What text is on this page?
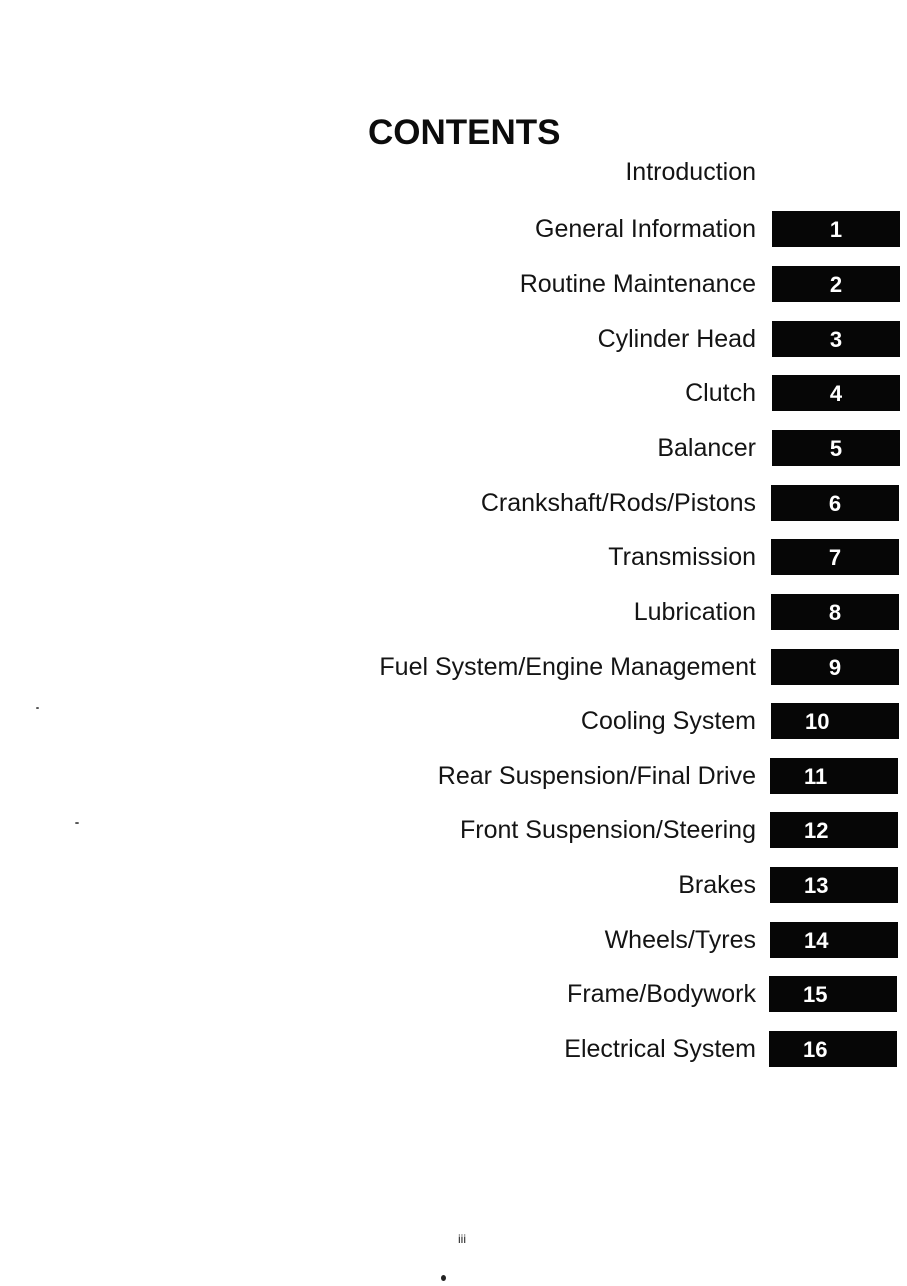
CONTENTS
Introduction
General Information	1
Routine Maintenance	2
Cylinder Head	3
Clutch	4
Balancer	5
Crankshaft/Rods/Pistons	6
Transmission	7
Lubrication	8
Fuel System/Engine Management	9
Cooling System 10
Rear Suspension/Final Drive 11
Front Suspension/Steering 12
Brakes 13
Wheels/Tyres 14
Frame/Bodywork 15
Electrical System 16
iii
